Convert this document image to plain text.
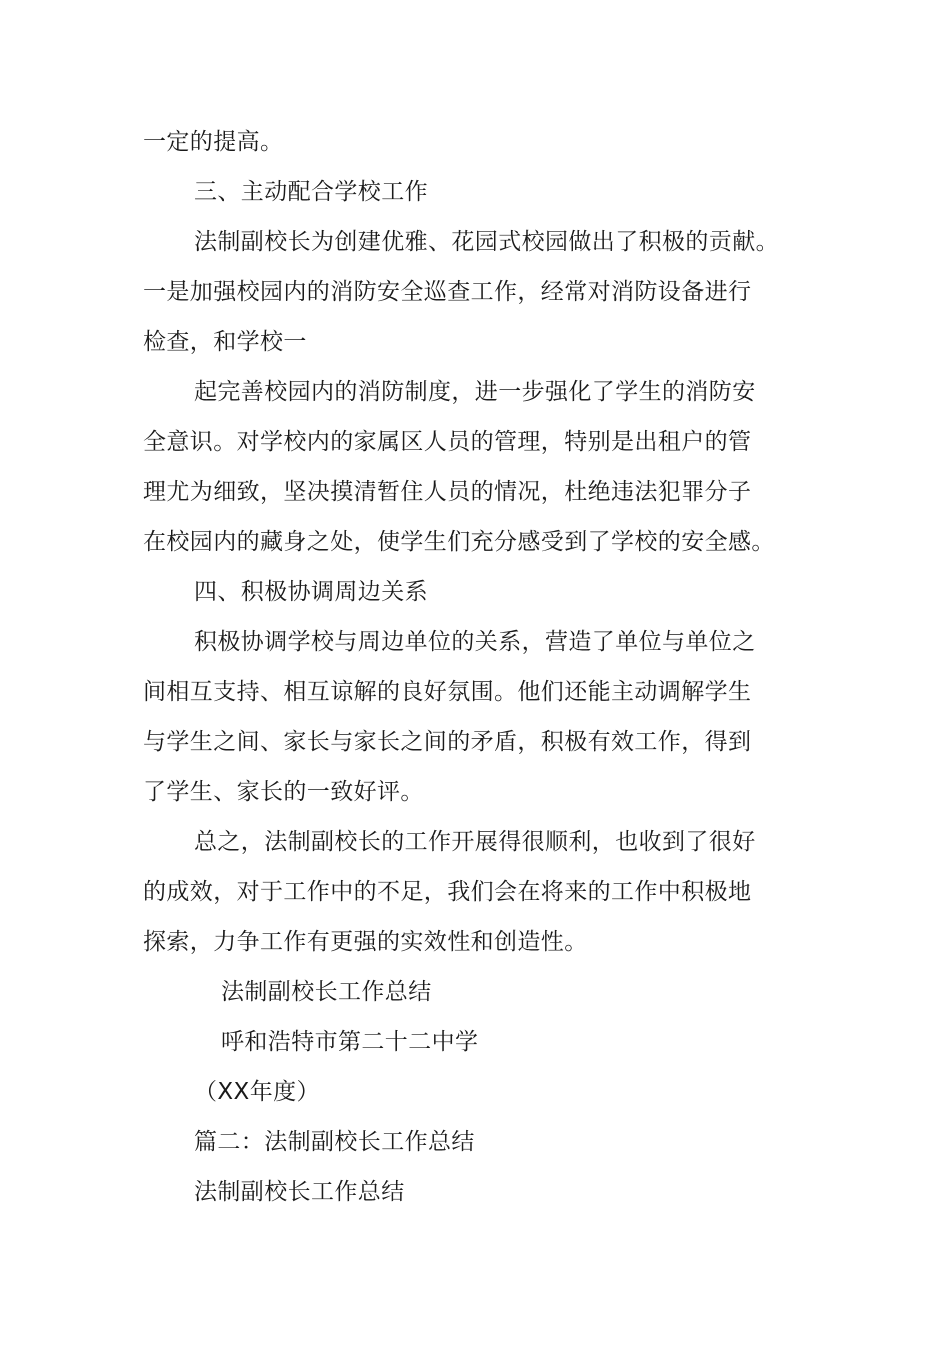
一定的提高。
三、主动配合学校工作
法制副校长为创建优雅、花园式校园做出了积极的贡献。
一是加强校园内的消防安全巡查工作，经常对消防设备进行
检查，和学校一
起完善校园内的消防制度，进一步强化了学生的消防安
全意识。对学校内的家属区人员的管理，特别是出租户的管
理尤为细致，坚决摸清暂住人员的情况，杜绝违法犯罪分子
在校园内的藏身之处，使学生们充分感受到了学校的安全感。
四、积极协调周边关系
积极协调学校与周边单位的关系，营造了单位与单位之
间相互支持、相互谅解的良好氛围。他们还能主动调解学生
与学生之间、家长与家长之间的矛盾，积极有效工作，得到
了学生、家长的一致好评。
总之，法制副校长的工作开展得很顺利，也收到了很好
的成效，对于工作中的不足，我们会在将来的工作中积极地
探索，力争工作有更强的实效性和创造性。
法制副校长工作总结
呼和浩特市第二十二中学
（XX年度）
篇二：法制副校长工作总结
法制副校长工作总结
